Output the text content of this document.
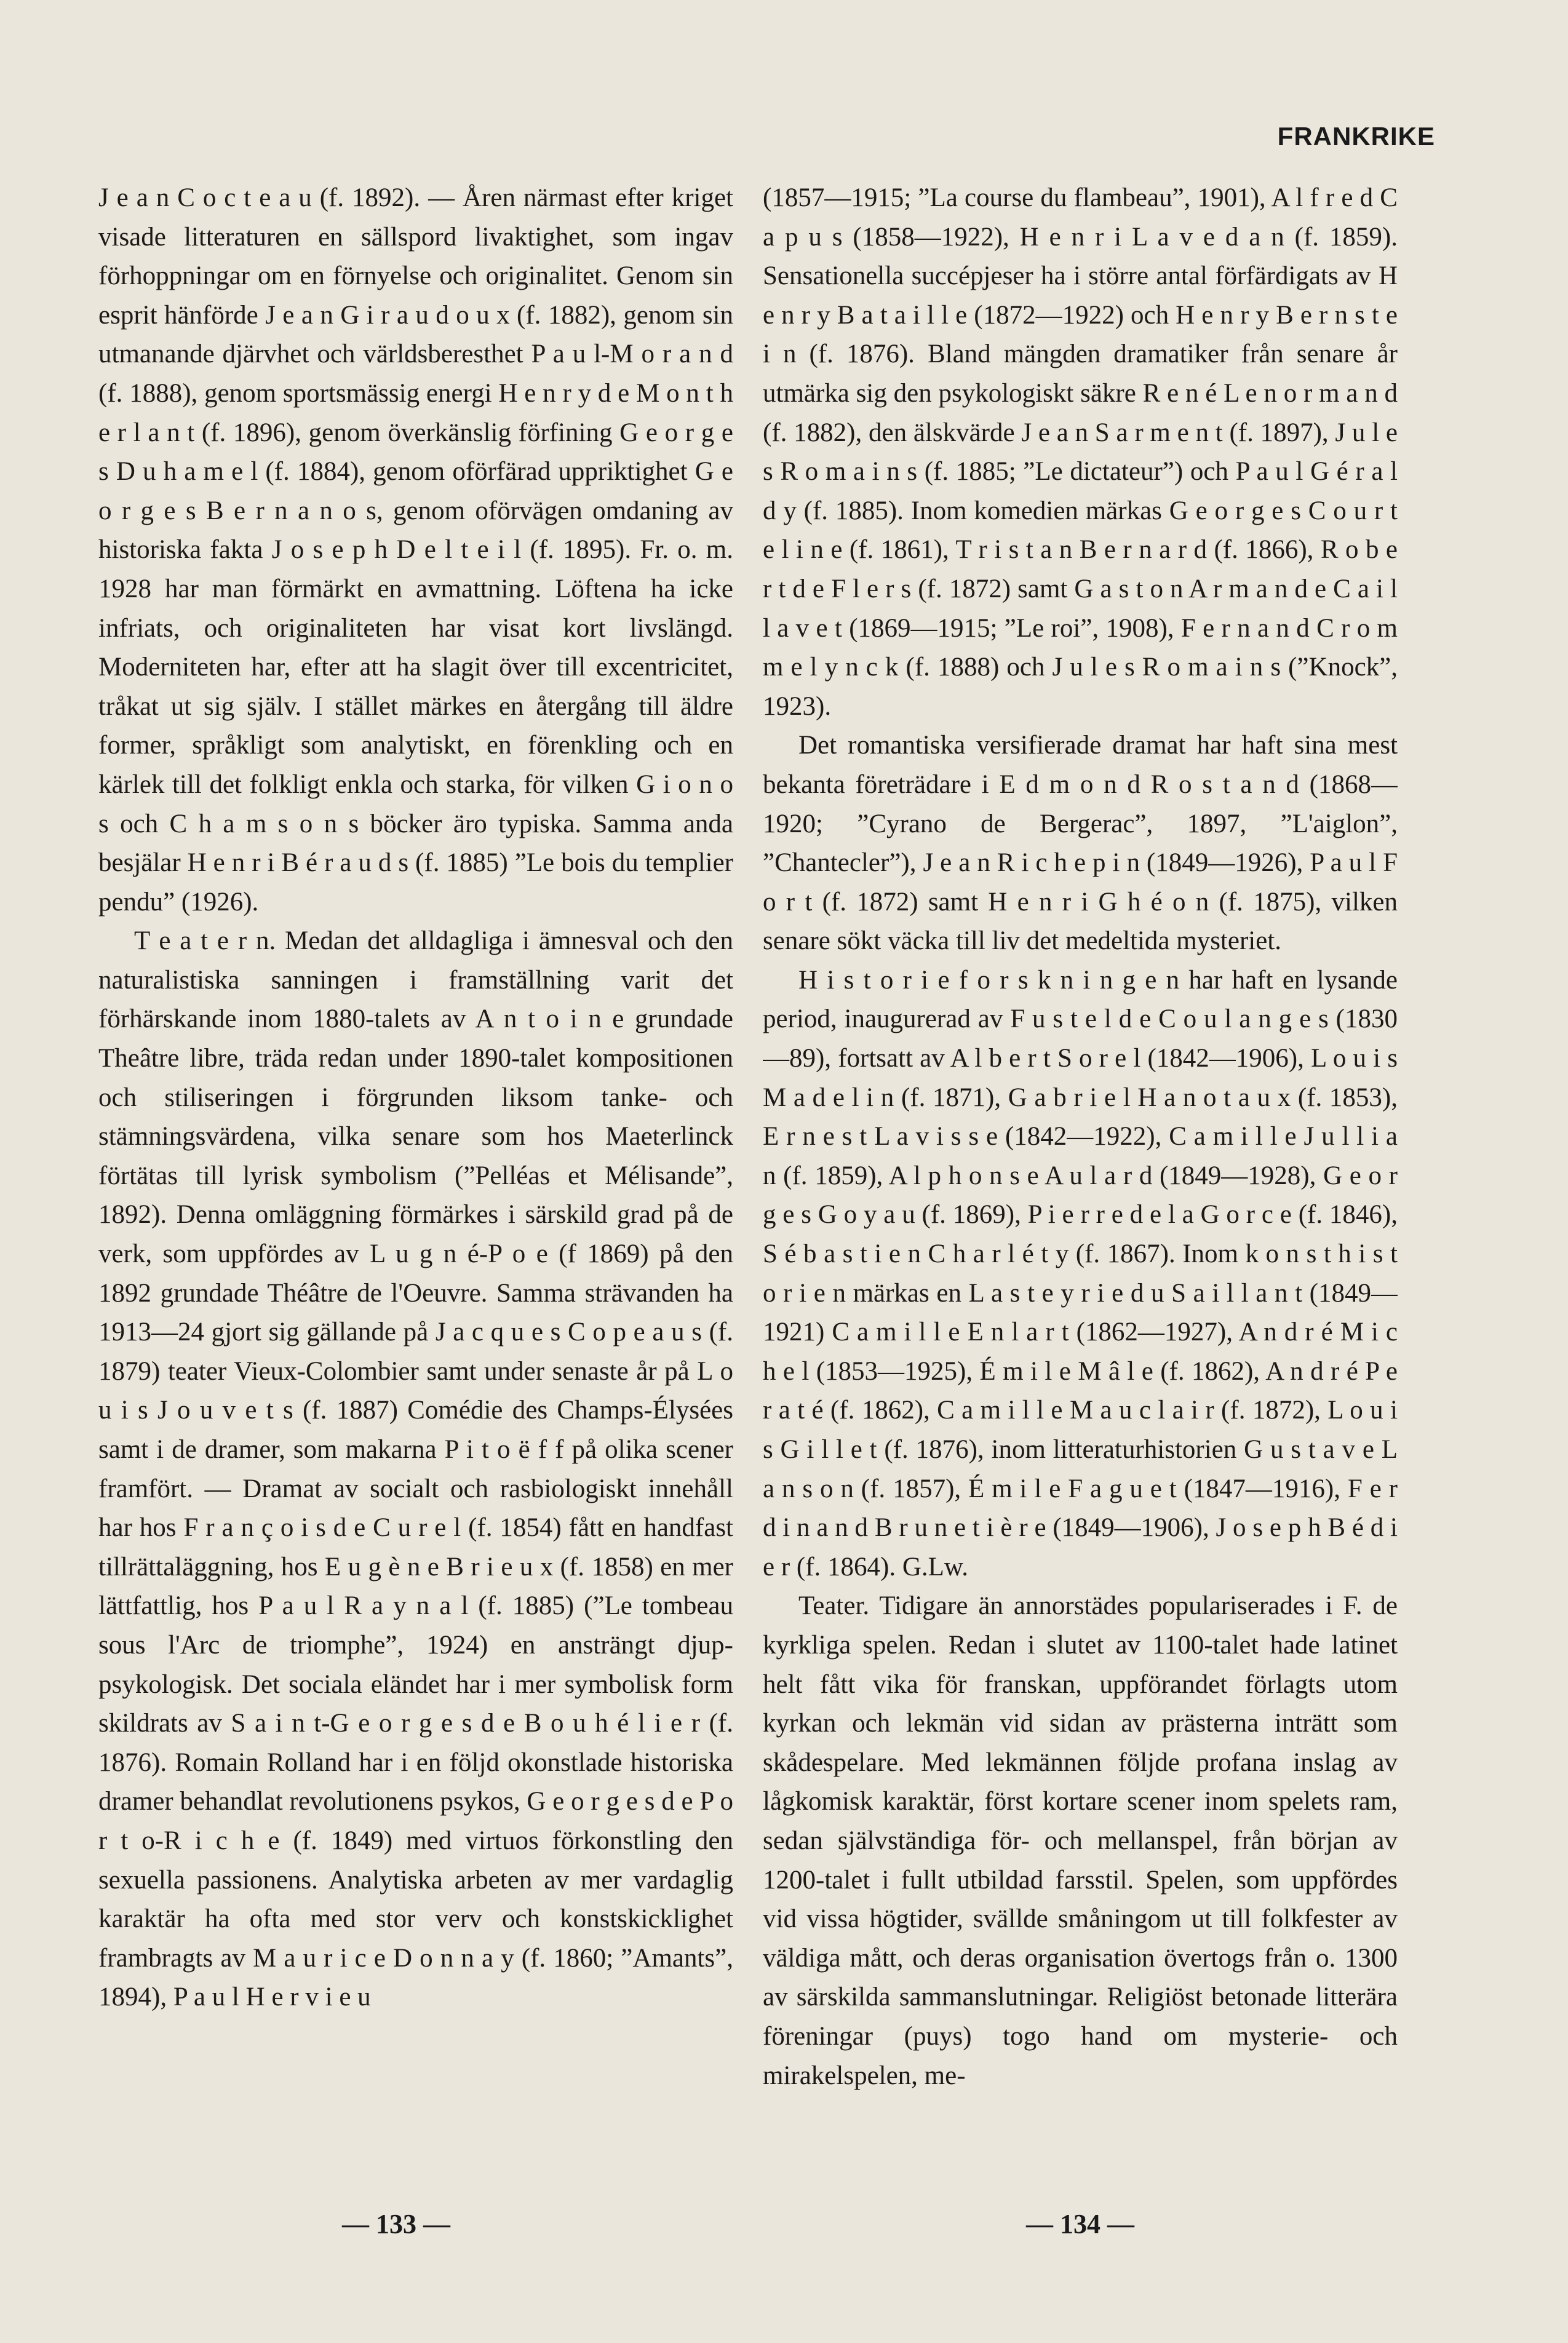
FRANKRIKE

J e a n C o c t e a u (f. 1892). — Åren närmast efter kriget visade litteraturen en sällspord livaktighet, som ingav förhoppningar om en förnyelse och originalitet. Genom sin esprit hänförde J e a n G i r a u d o u x (f. 1882), genom sin utmanande djärvhet och världsberesthet P a u l-M o r a n d (f. 1888), genom sportsmässig energi H e n r y d e M o n t h e r l a n t (f. 1896), genom överkänslig förfining G e o r g e s D u h a m e l (f. 1884), genom oförfärad uppriktighet G e o r g e s B e r n a n o s, genom oförvägen omdaning av historiska fakta J o s e p h D e l t e i l (f. 1895). Fr. o. m. 1928 har man förmärkt en avmattning. Löftena ha icke infriats, och originaliteten har visat kort livslängd. Moderniteten har, efter att ha slagit över till excentricitet, tråkat ut sig själv. I stället märkes en återgång till äldre former, språkligt som analytiskt, en förenkling och en kärlek till det folkligt enkla och starka, för vilken G i o n o s och C h a m s o n s böcker äro typiska. Samma anda besjälar H e n r i B é r a u d s (f. 1885) ”Le bois du templier pendu” (1926).

T e a t e r n. Medan det alldagliga i ämnesval och den naturalistiska sanningen i framställning varit det förhärskande inom 1880-talets av A n t o i n e grundade Theâtre libre, träda redan under 1890-talet kompositionen och stiliseringen i förgrunden liksom tanke- och stämningsvärdena, vilka senare som hos Maeterlinck förtätas till lyrisk symbolism (”Pelléas et Mélisande”, 1892). Denna omläggning förmärkes i särskild grad på de verk, som uppfördes av L u g n é-P o e (f 1869) på den 1892 grundade Théâtre de l'Oeuvre. Samma strävanden ha 1913—24 gjort sig gällande på J a c q u e s C o p e a u s (f. 1879) teater Vieux-Colombier samt under senaste år på L o u i s J o u v e t s (f. 1887) Comédie des Champs-Élysées samt i de dramer, som makarna P i t o ë f f på olika scener framfört. — Dramat av socialt och rasbiologiskt innehåll har hos F r a n ç o i s d e C u r e l (f. 1854) fått en handfast tillrättaläggning, hos E u g è n e B r i e u x (f. 1858) en mer lättfattlig, hos P a u l R a y n a l (f. 1885) (”Le tombeau sous l'Arc de triomphe”, 1924) en ansträngt djup-psykologisk. Det sociala eländet har i mer symbolisk form skildrats av S a i n t-G e o r g e s d e B o u h é l i e r (f. 1876). Romain Rolland har i en följd okonstlade historiska dramer behandlat revolutionens psykos, G e o r g e s d e P o r t o-R i c h e (f. 1849) med virtuos förkonstling den sexuella passionens. Analytiska arbeten av mer vardaglig karaktär ha ofta med stor verv och konstskicklighet frambragts av M a u r i c e D o n n a y (f. 1860; ”Amants”, 1894), P a u l H e r v i e u

(1857—1915; ”La course du flambeau”, 1901), A l f r e d C a p u s (1858—1922), H e n r i L a v e d a n (f. 1859). Sensationella succépjeser ha i större antal förfärdigats av H e n r y B a t a i l l e (1872—1922) och H e n r y B e r n s t e i n (f. 1876). Bland mängden dramatiker från senare år utmärka sig den psykologiskt säkre R e n é L e n o r m a n d (f. 1882), den älskvärde J e a n S a r m e n t (f. 1897), J u l e s R o m a i n s (f. 1885; ”Le dictateur”) och P a u l G é r a l d y (f. 1885). Inom komedien märkas G e o r g e s C o u r t e l i n e (f. 1861), T r i s t a n B e r n a r d (f. 1866), R o b e r t d e F l e r s (f. 1872) samt G a s t o n A r m a n d e C a i l l a v e t (1869—1915; ”Le roi”, 1908), F e r n a n d C r o m m e l y n c k (f. 1888) och J u l e s R o m a i n s (”Knock”, 1923).

Det romantiska versifierade dramat har haft sina mest bekanta företrädare i E d m o n d R o s t a n d (1868—1920; ”Cyrano de Bergerac”, 1897, ”L'aiglon”, ”Chantecler”), J e a n R i c h e p i n (1849—1926), P a u l F o r t (f. 1872) samt H e n r i G h é o n (f. 1875), vilken senare sökt väcka till liv det medeltida mysteriet.

H i s t o r i e f o r s k n i n g e n har haft en lysande period, inaugurerad av F u s t e l d e C o u l a n g e s (1830—89), fortsatt av A l b e r t S o r e l (1842—1906), L o u i s M a d e l i n (f. 1871), G a b r i e l H a n o t a u x (f. 1853), E r n e s t L a v i s s e (1842—1922), C a m i l l e J u l l i a n (f. 1859), A l p h o n s e A u l a r d (1849—1928), G e o r g e s G o y a u (f. 1869), P i e r r e d e l a G o r c e (f. 1846), S é b a s t i e n C h a r l é t y (f. 1867). Inom k o n s t h i s t o r i e n märkas en L a s t e y r i e d u S a i l l a n t (1849—1921) C a m i l l e E n l a r t (1862—1927), A n d r é M i c h e l (1853—1925), É m i l e M â l e (f. 1862), A n d r é P e r a t é (f. 1862), C a m i l l e M a u c l a i r (f. 1872), L o u i s G i l l e t (f. 1876), inom litteraturhistorien G u s t a v e L a n s o n (f. 1857), É m i l e F a g u e t (1847—1916), F e r d i n a n d B r u n e t i è r e (1849—1906), J o s e p h B é d i e r (f. 1864). G.Lw.

Teater. Tidigare än annorstädes populariserades i F. de kyrkliga spelen. Redan i slutet av 1100-talet hade latinet helt fått vika för franskan, uppförandet förlagts utom kyrkan och lekmän vid sidan av prästerna inträtt som skådespelare. Med lekmännen följde profana inslag av lågkomisk karaktär, först kortare scener inom spelets ram, sedan självständiga för- och mellanspel, från början av 1200-talet i fullt utbildad farsstil. Spelen, som uppfördes vid vissa högtider, svällde småningom ut till folkfester av väldiga mått, och deras organisation övertogs från o. 1300 av särskilda sammanslutningar. Religiöst betonade litterära föreningar (puys) togo hand om mysterie- och mirakelspelen, me-

— 133 —	— 134 —
